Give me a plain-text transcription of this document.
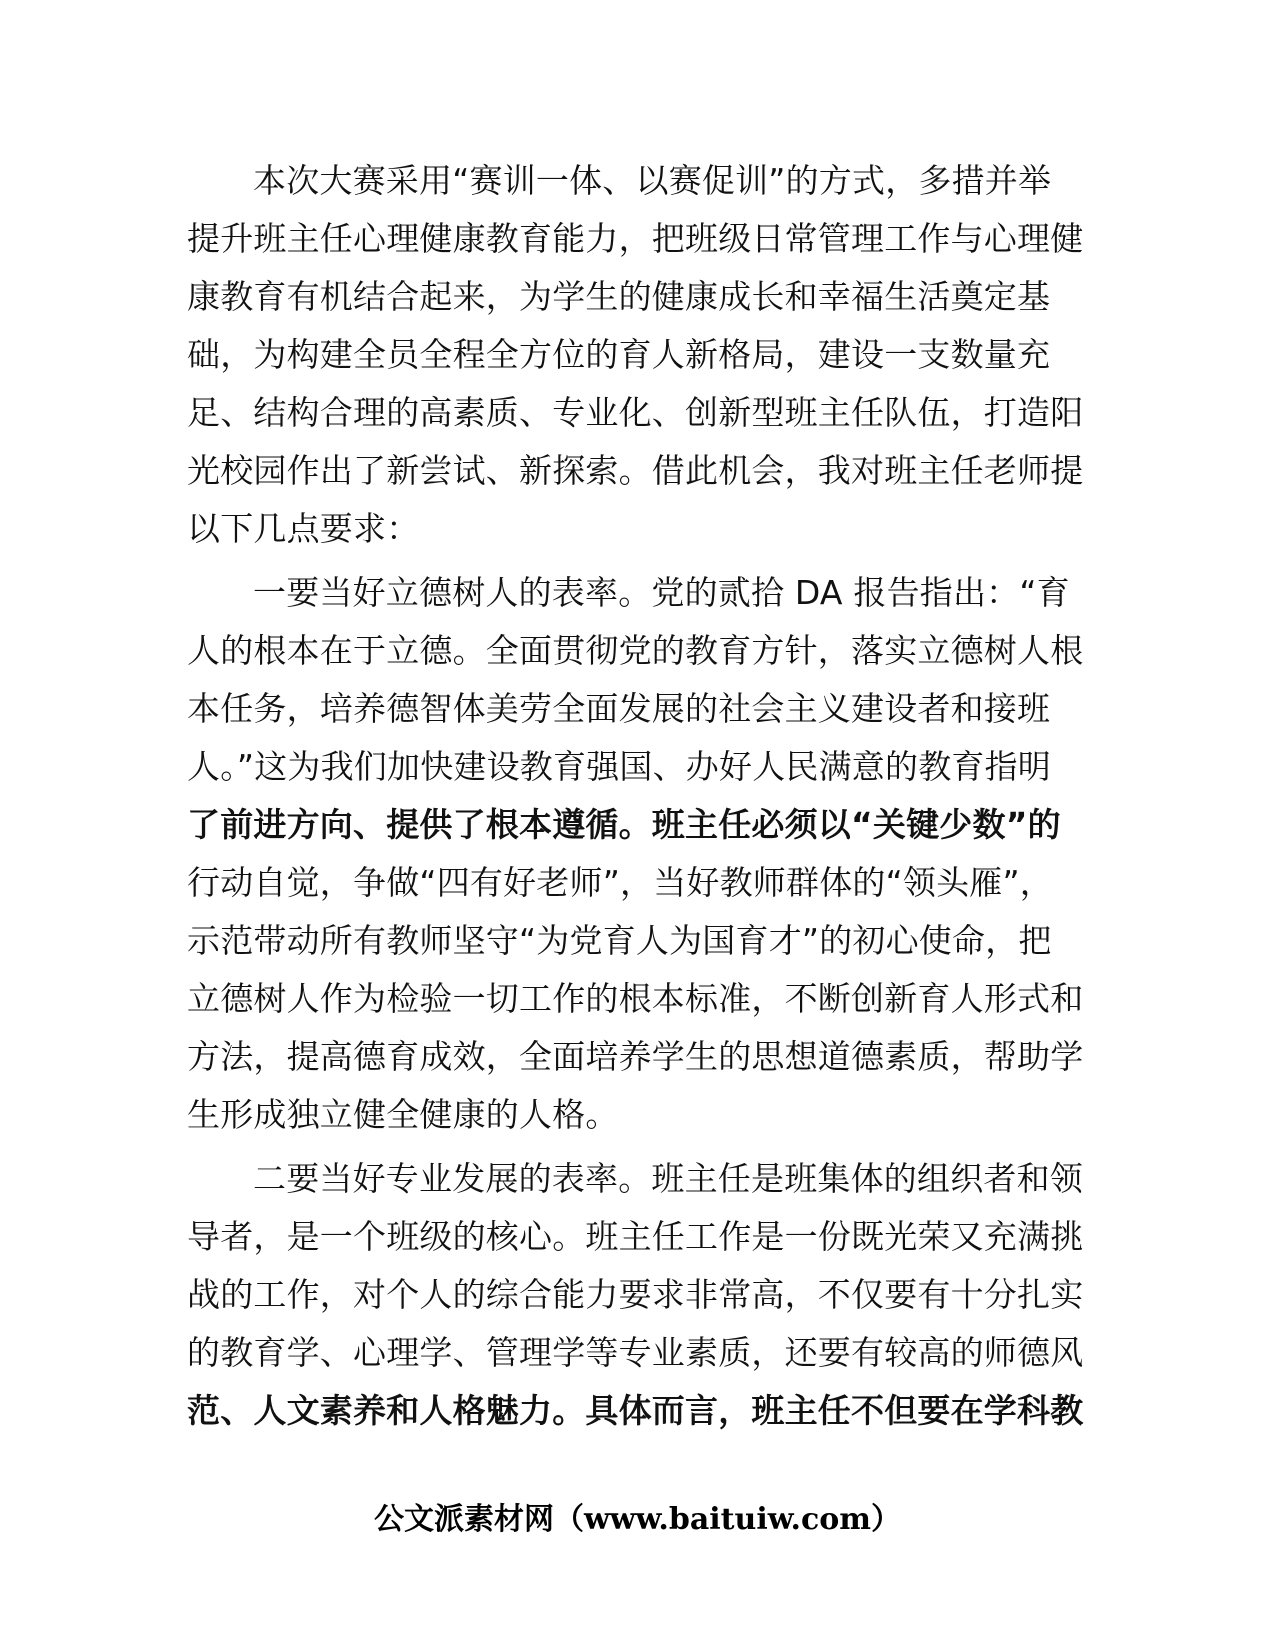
本次大赛采用“赛训一体、以赛促训”的方式，多措并举
提升班主任心理健康教育能力，把班级日常管理工作与心理健
康教育有机结合起来，为学生的健康成长和幸福生活奠定基
础，为构建全员全程全方位的育人新格局，建设一支数量充
足、结构合理的高素质、专业化、创新型班主任队伍，打造阳
光校园作出了新尝试、新探索。借此机会，我对班主任老师提
以下几点要求：
一要当好立德树人的表率。党的贰拾 DA 报告指出：“育
人的根本在于立德。全面贯彻党的教育方针，落实立德树人根
本任务，培养德智体美劳全面发展的社会主义建设者和接班
人。”这为我们加快建设教育强国、办好人民满意的教育指明
了前进方向、提供了根本遵循。班主任必须以“关键少数”的
行动自觉，争做“四有好老师”，当好教师群体的“领头雁”，
示范带动所有教师坚守“为党育人为国育才”的初心使命，把
立德树人作为检验一切工作的根本标准，不断创新育人形式和
方法，提高德育成效，全面培养学生的思想道德素质，帮助学
生形成独立健全健康的人格。
二要当好专业发展的表率。班主任是班集体的组织者和领
导者，是一个班级的核心。班主任工作是一份既光荣又充满挑
战的工作，对个人的综合能力要求非常高，不仅要有十分扎实
的教育学、心理学、管理学等专业素质，还要有较高的师德风
范、人文素养和人格魅力。具体而言，班主任不但要在学科教
公文派素材网（www.baituiw.com）
